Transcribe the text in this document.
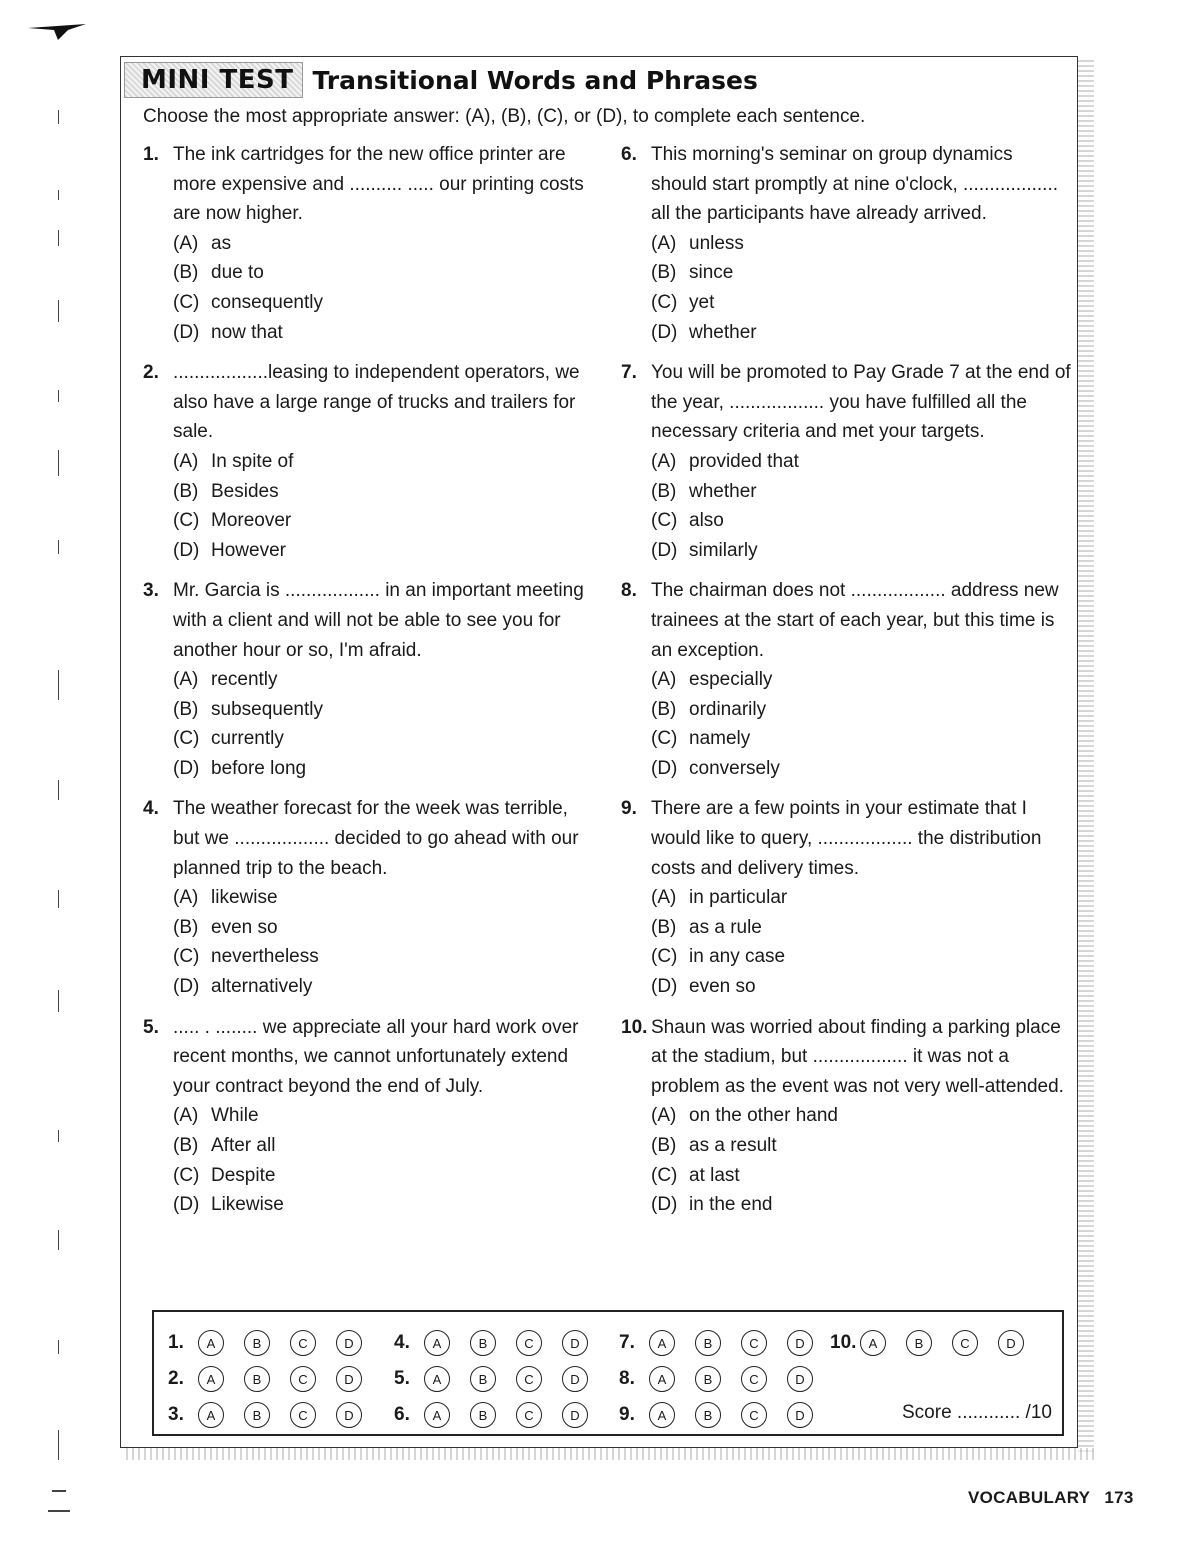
MINI TEST Transitional Words and Phrases
Choose the most appropriate answer: (A), (B), (C), or (D), to complete each sentence.
1. The ink cartridges for the new office printer are more expensive and .......... ..... our printing costs are now higher.
(A) as
(B) due to
(C) consequently
(D) now that
2. ..................leasing to independent operators, we also have a large range of trucks and trailers for sale.
(A) In spite of
(B) Besides
(C) Moreover
(D) However
3. Mr. Garcia is .................. in an important meeting with a client and will not be able to see you for another hour or so, I'm afraid.
(A) recently
(B) subsequently
(C) currently
(D) before long
4. The weather forecast for the week was terrible, but we .................. decided to go ahead with our planned trip to the beach.
(A) likewise
(B) even so
(C) nevertheless
(D) alternatively
5. ..... . ........ we appreciate all your hard work over recent months, we cannot unfortunately extend your contract beyond the end of July.
(A) While
(B) After all
(C) Despite
(D) Likewise
6. This morning's seminar on group dynamics should start promptly at nine o'clock, .................. all the participants have already arrived.
(A) unless
(B) since
(C) yet
(D) whether
7. You will be promoted to Pay Grade 7 at the end of the year, .................. you have fulfilled all the necessary criteria and met your targets.
(A) provided that
(B) whether
(C) also
(D) similarly
8. The chairman does not .................. address new trainees at the start of each year, but this time is an exception.
(A) especially
(B) ordinarily
(C) namely
(D) conversely
9. There are a few points in your estimate that I would like to query, .................. the distribution costs and delivery times.
(A) in particular
(B) as a rule
(C) in any case
(D) even so
10. Shaun was worried about finding a parking place at the stadium, but .................. it was not a problem as the event was not very well-attended.
(A) on the other hand
(B) as a result
(C) at last
(D) in the end
1.	A	B	C	D	4.	A	B	C	D	7.	A	B	C	D	10. A	B	C	D
2.	A	B	C	D	5.	A	B	C	D	8.	A	B	C	D
3.	A	B	C	D	6.	A	B	C	D	9.	A	B	C	D	Score ............ /10
VOCABULARY 173
